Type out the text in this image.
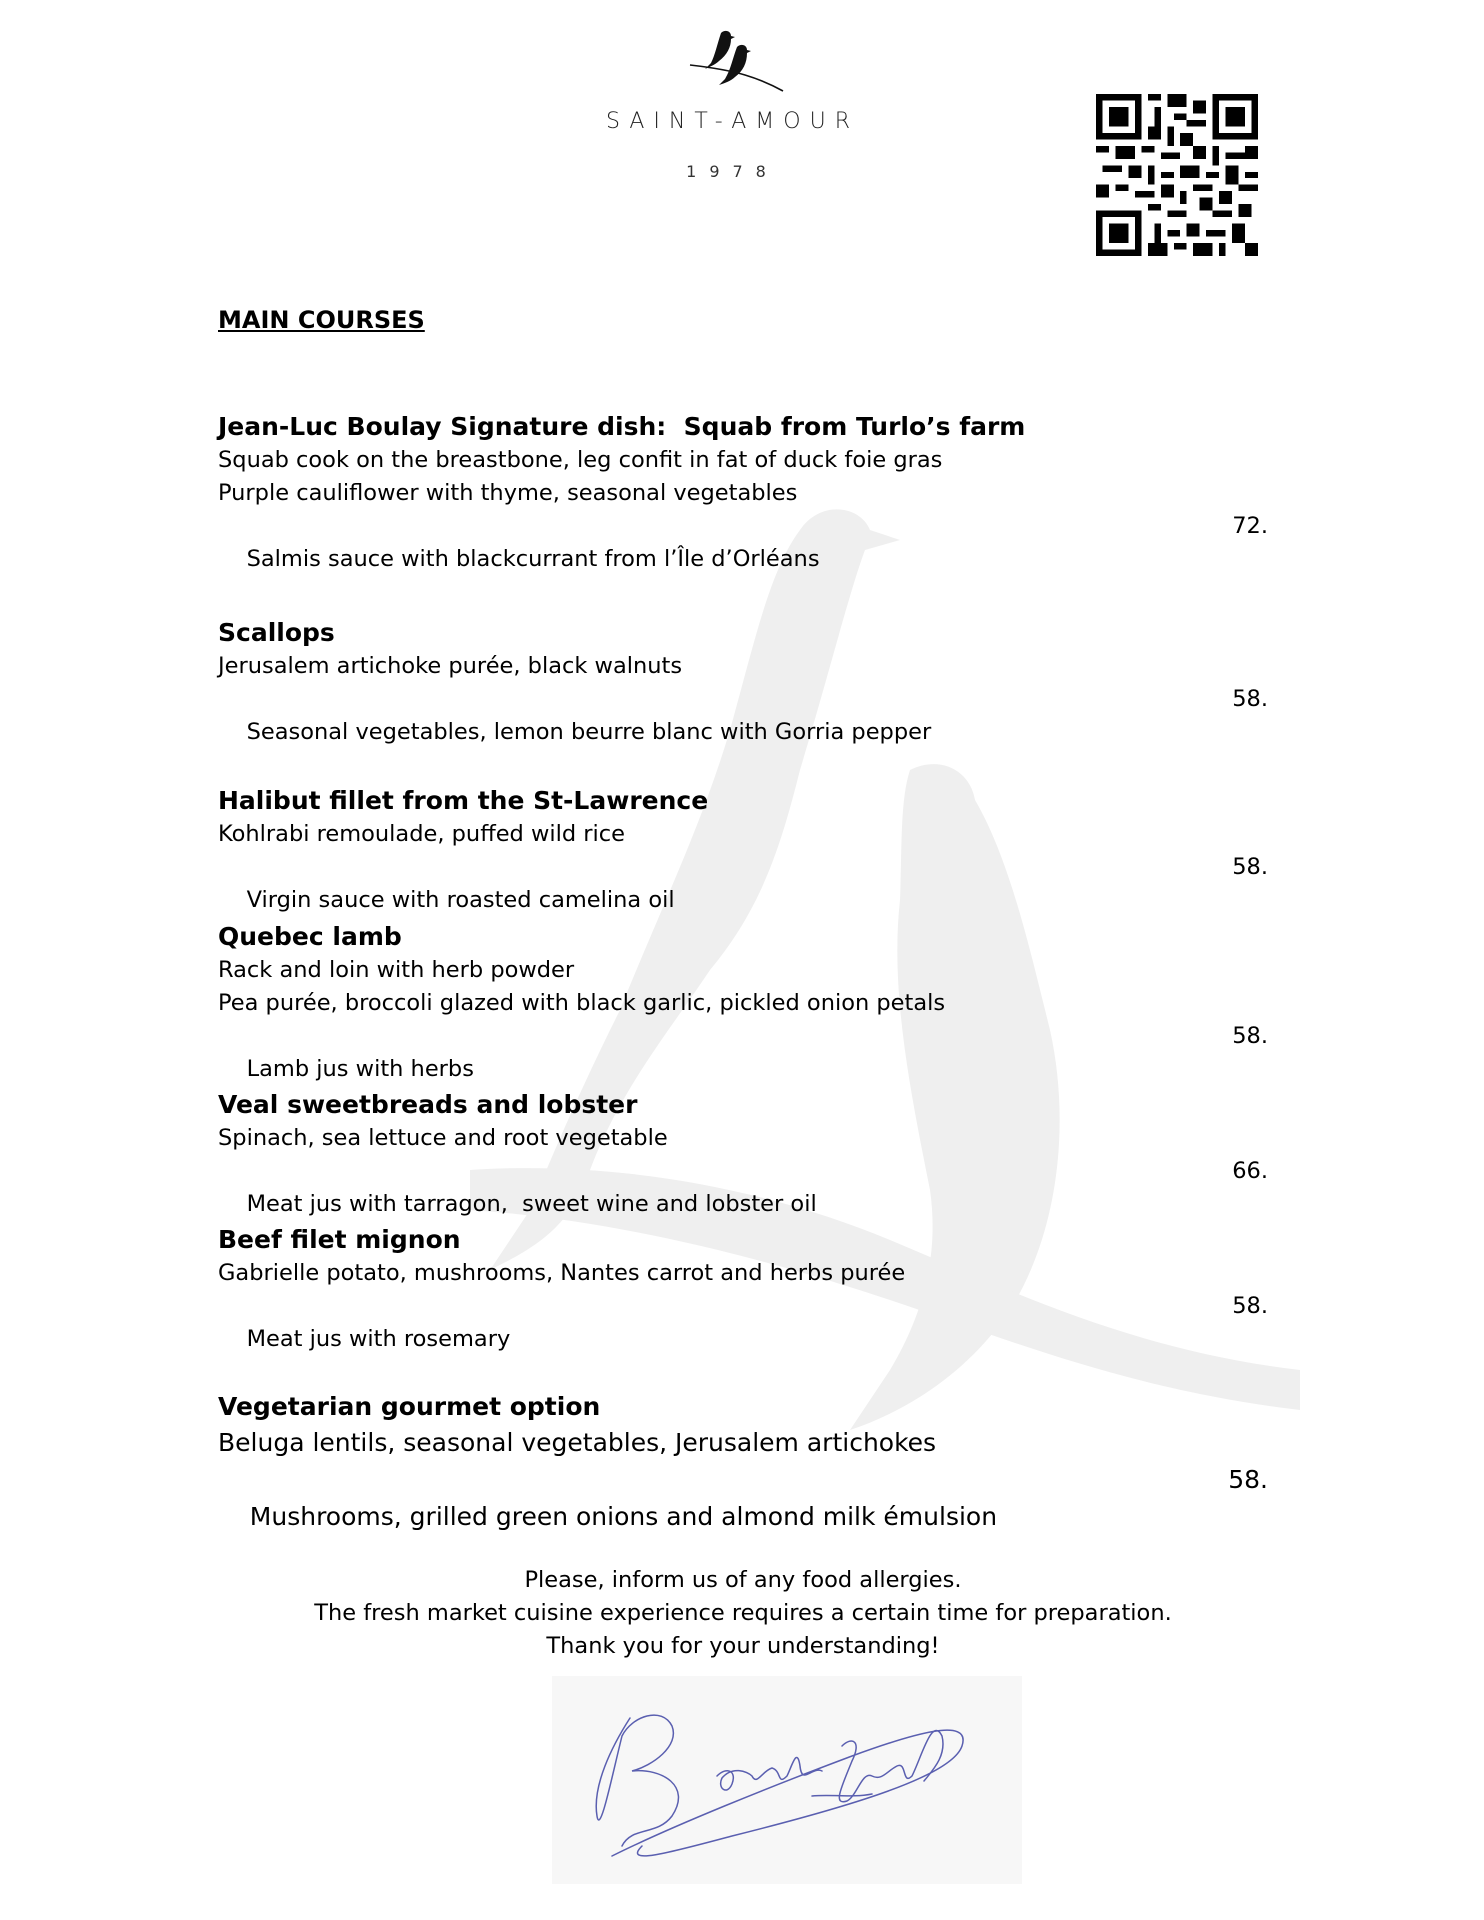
SAINT-AMOUR
1978
MAIN COURSES
Jean-Luc Boulay Signature dish:  Squab from Turlo’s farm
Squab cook on the breastbone, leg confit in fat of duck foie gras
Purple cauliflower with thyme, seasonal vegetables

Salmis sauce with blackcurrant from l’Île d’Orléans

72.

Scallops
Jerusalem artichoke purée, black walnuts

Seasonal vegetables, lemon beurre blanc with Gorria pepper

58.

Halibut fillet from the St-Lawrence
Kohlrabi remoulade, puffed wild rice

Virgin sauce with roasted camelina oil

58.

Quebec lamb
Rack and loin with herb powder
Pea purée, broccoli glazed with black garlic, pickled onion petals

Lamb jus with herbs

58.

Veal sweetbreads and lobster
Spinach, sea lettuce and root vegetable

Meat jus with tarragon,  sweet wine and lobster oil

66.

Beef filet mignon
Gabrielle potato, mushrooms, Nantes carrot and herbs purée

Meat jus with rosemary

58.

Vegetarian gourmet option
Beluga lentils, seasonal vegetables, Jerusalem artichokes

Mushrooms, grilled green onions and almond milk émulsion

58.

Please, inform us of any food allergies.
The fresh market cuisine experience requires a certain time for preparation.
Thank you for your understanding!
